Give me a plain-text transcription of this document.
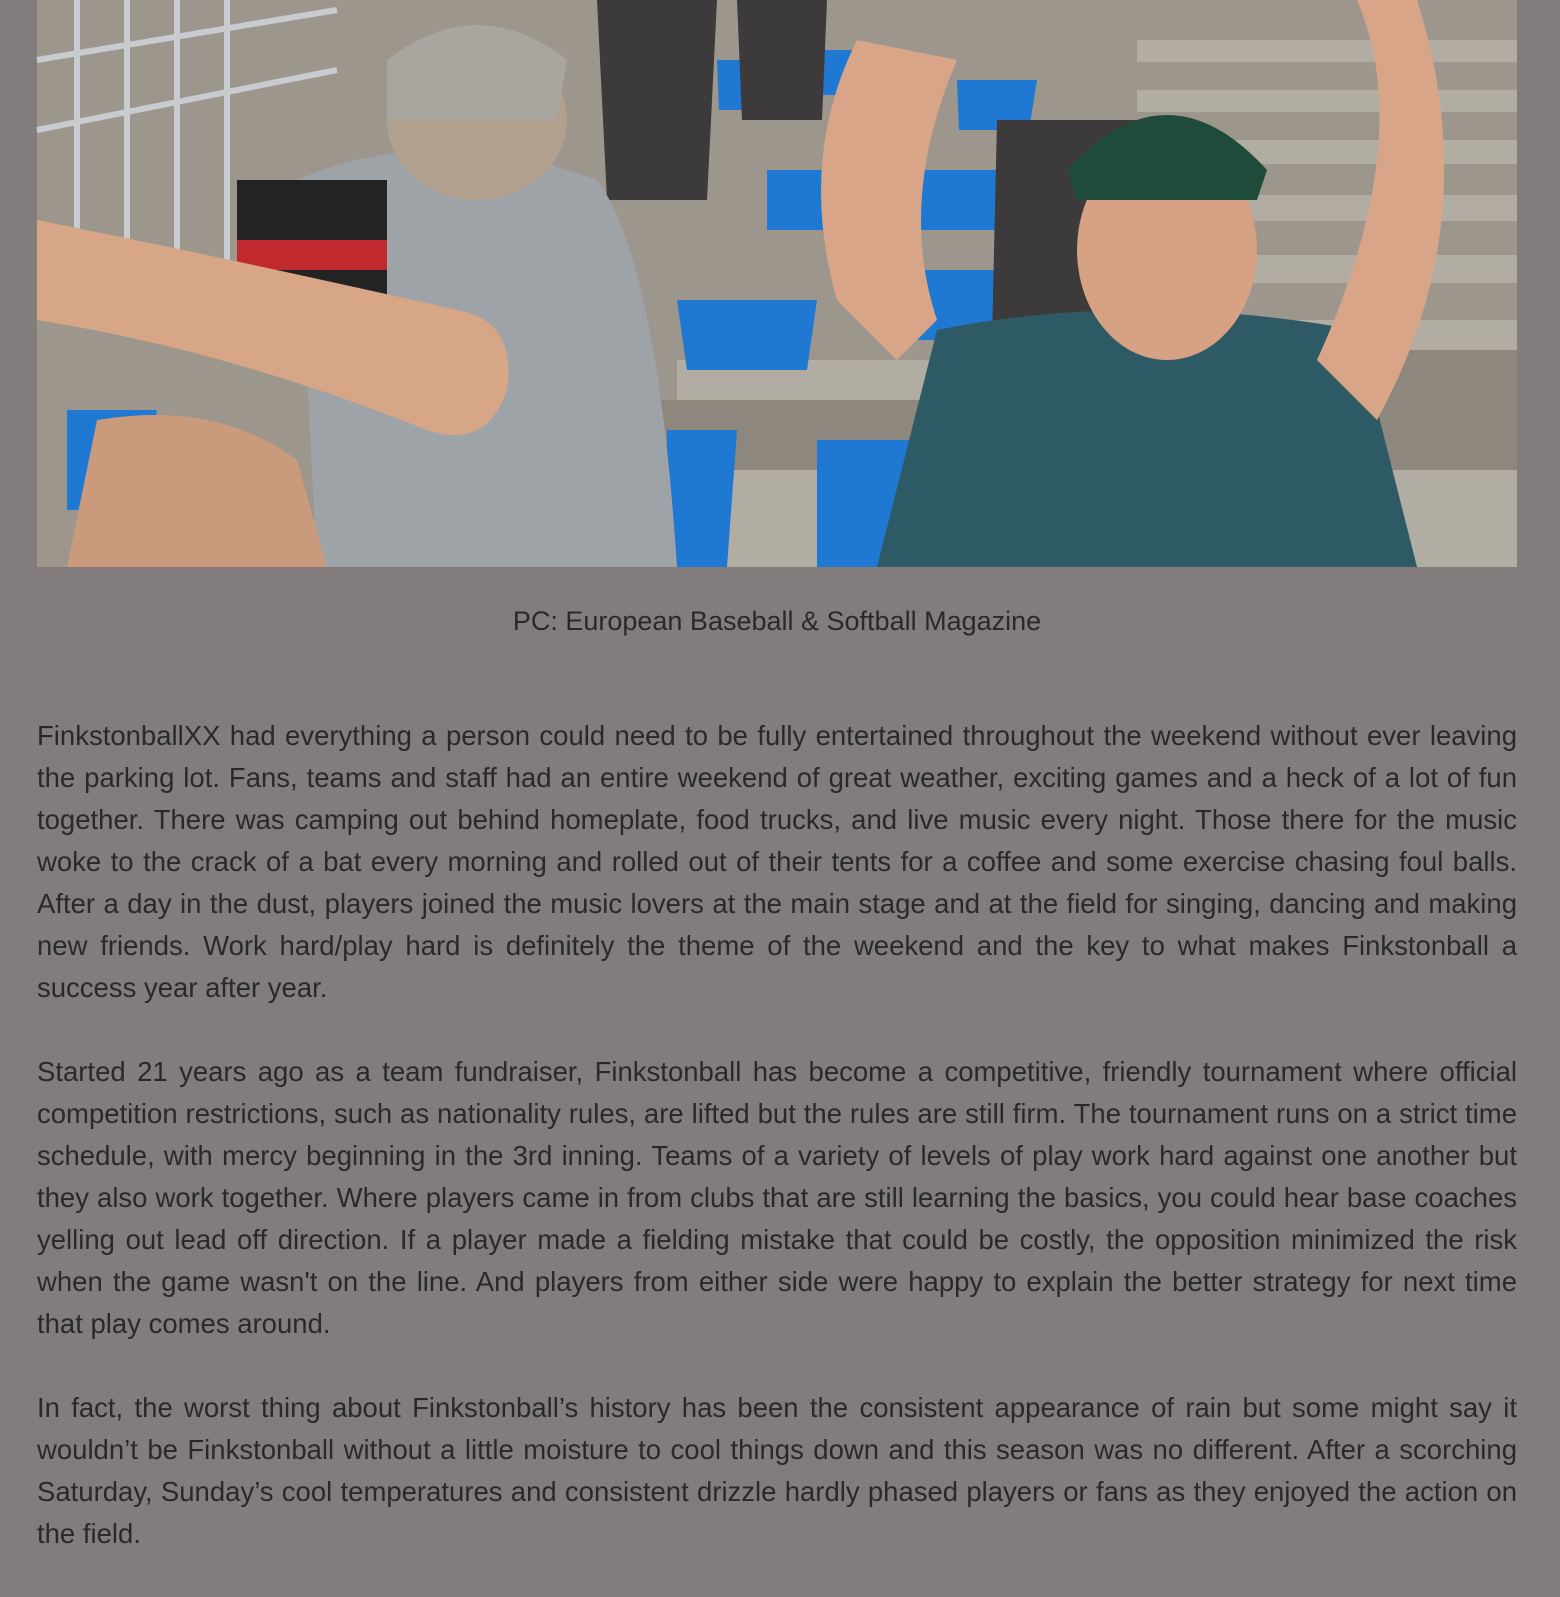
PC: European Baseball & Softball Magazine

FinkstonballXX had everything a person could need to be fully entertained throughout the weekend without ever leaving the parking lot. Fans, teams and staff had an entire weekend of great weather, exciting games and a heck of a lot of fun together. There was camping out behind homeplate, food trucks, and live music every night. Those there for the music woke to the crack of a bat every morning and rolled out of their tents for a coffee and some exercise chasing foul balls. After a day in the dust, players joined the music lovers at the main stage and at the field for singing, dancing and making new friends. Work hard/play hard is definitely the theme of the weekend and the key to what makes Finkstonball a success year after year.

Started 21 years ago as a team fundraiser, Finkstonball has become a competitive, friendly tournament where official competition restrictions, such as nationality rules, are lifted but the rules are still firm. The tournament runs on a strict time schedule, with mercy beginning in the 3rd inning. Teams of a variety of levels of play work hard against one another but they also work together. Where players came in from clubs that are still learning the basics, you could hear base coaches yelling out lead off direction. If a player made a fielding mistake that could be costly, the opposition minimized the risk when the game wasn't on the line. And players from either side were happy to explain the better strategy for next time that play comes around.

In fact, the worst thing about Finkstonball’s history has been the consistent appearance of rain but some might say it wouldn’t be Finkstonball without a little moisture to cool things down and this season was no different. After a scorching Saturday, Sunday’s cool temperatures and consistent drizzle hardly phased players or fans as they enjoyed the action on the field.
